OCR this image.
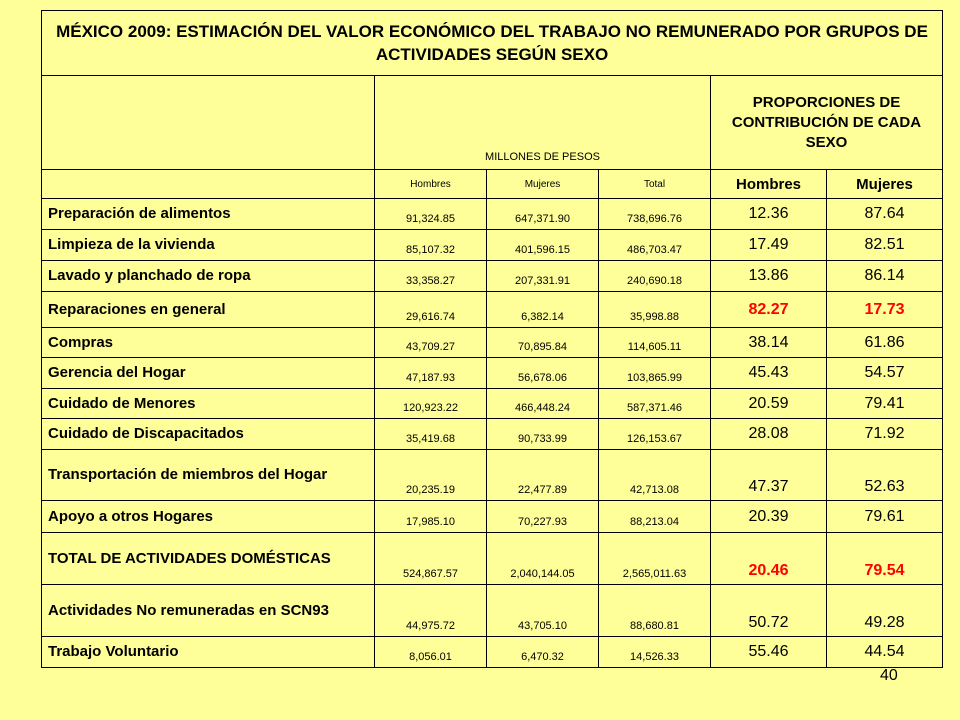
MÉXICO 2009: ESTIMACIÓN DEL VALOR ECONÓMICO DEL TRABAJO NO REMUNERADO POR GRUPOS DE ACTIVIDADES SEGÚN SEXO					
	MILLONES DE PESOS			PROPORCIONES DE CONTRIBUCIÓN DE CADA SEXO	
	Hombres	Mujeres	Total	Hombres	Mujeres
Preparación de alimentos	91,324.85	647,371.90	738,696.76	12.36	87.64
Limpieza de la vivienda	85,107.32	401,596.15	486,703.47	17.49	82.51
Lavado y planchado de ropa	33,358.27	207,331.91	240,690.18	13.86	86.14
Reparaciones en general	29,616.74	6,382.14	35,998.88	82.27	17.73
Compras	43,709.27	70,895.84	114,605.11	38.14	61.86
Gerencia del Hogar	47,187.93	56,678.06	103,865.99	45.43	54.57
Cuidado de Menores	120,923.22	466,448.24	587,371.46	20.59	79.41
Cuidado de Discapacitados	35,419.68	90,733.99	126,153.67	28.08	71.92
Transportación de miembros del Hogar	20,235.19	22,477.89	42,713.08	47.37	52.63
Apoyo a otros Hogares	17,985.10	70,227.93	88,213.04	20.39	79.61
TOTAL DE ACTIVIDADES DOMÉSTICAS	524,867.57	2,040,144.05	2,565,011.63	20.46	79.54
Actividades No remuneradas en SCN93	44,975.72	43,705.10	88,680.81	50.72	49.28
Trabajo Voluntario	8,056.01	6,470.32	14,526.33	55.46	44.54
40
